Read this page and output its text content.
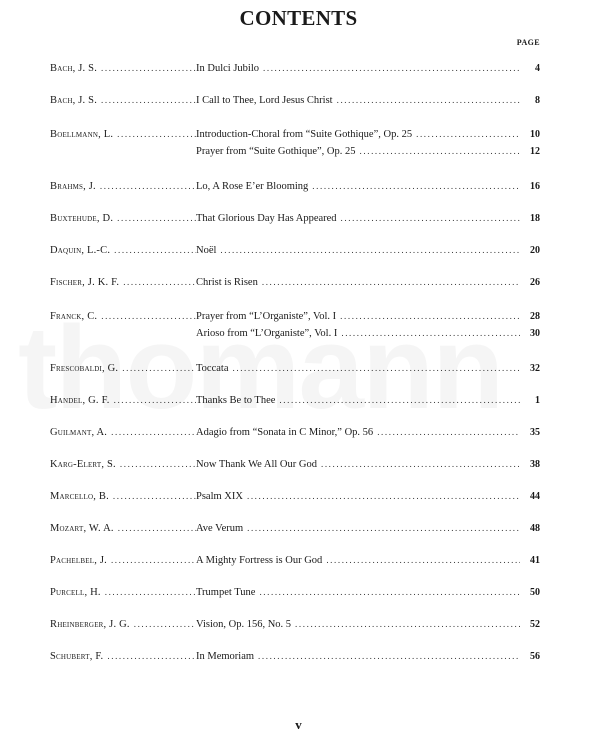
CONTENTS
PAGE
Bach, J. S. .....	In Dulci Jubilo .....	4
Bach, J. S. .....	I Call to Thee, Lord Jesus Christ .....	8
Boellmann, L. .....	Introduction-Choral from “Suite Gothique”, Op. 25 .....	10
Prayer from “Suite Gothique”, Op. 25 .....	12
Brahms, J. .....	Lo, A Rose E’er Blooming .....	16
Buxtehude, D. .....	That Glorious Day Has Appeared .....	18
Daquin, L.-C. .....	Noël .....	20
Fischer, J. K. F. .....	Christ is Risen .....	26
Franck, C. .....	Prayer from “L’Organiste”, Vol. I .....	28
Arioso from “L’Organiste”, Vol. I .....	30
Frescobaldi, G. .....	Toccata .....	32
Handel, G. F. .....	Thanks Be to Thee .....	1
Guilmant, A. .....	Adagio from “Sonata in C Minor,” Op. 56 .....	35
Karg-Elert, S. .....	Now Thank We All Our God .....	38
Marcello, B. .....	Psalm XIX .....	44
Mozart, W. A. .....	Ave Verum .....	48
Pachelbel, J. .....	A Mighty Fortress is Our God .....	41
Purcell, H. .....	Trumpet Tune .....	50
Rheinberger, J. G. .....	Vision, Op. 156, No. 5 .....	52
Schubert, F. .....	In Memoriam .....	56
v
